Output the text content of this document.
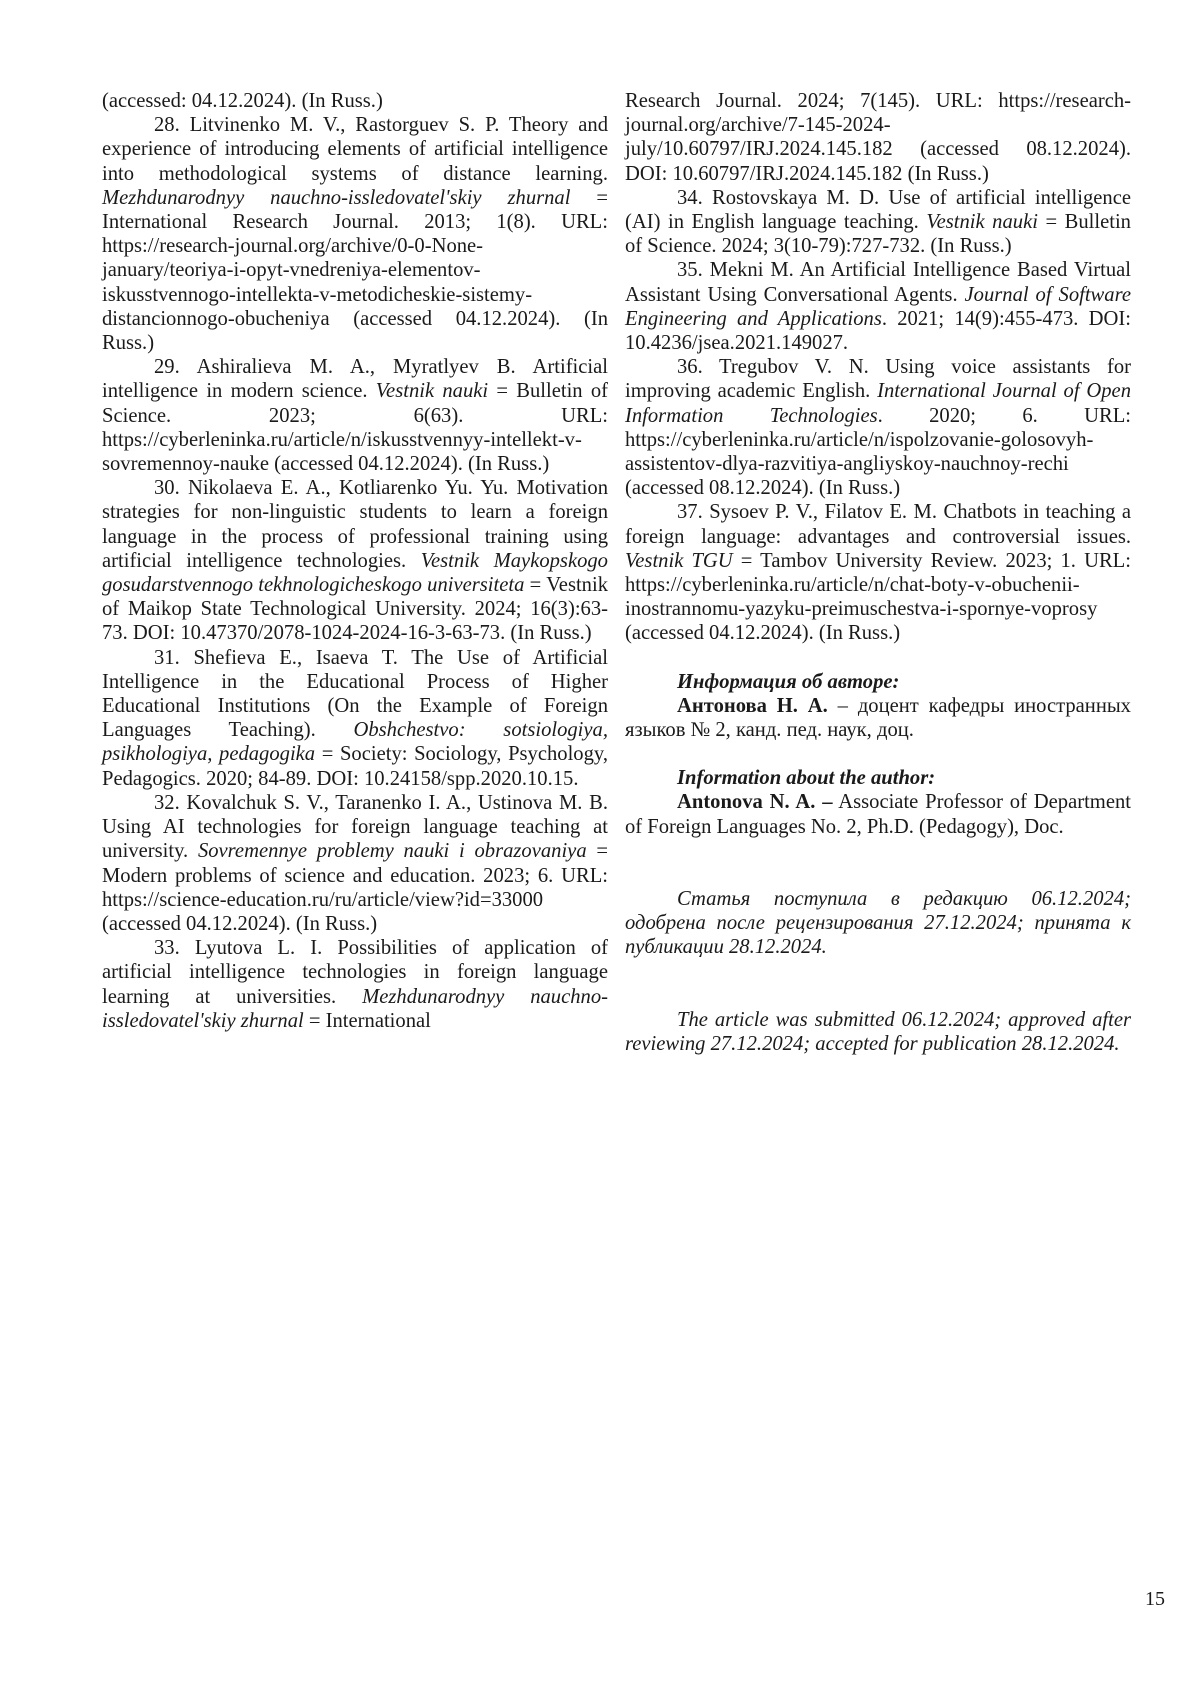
(accessed: 04.12.2024). (In Russ.)

28. Litvinenko M. V., Rastorguev S. P. Theory and experience of introducing elements of artificial intelligence into methodological systems of distance learning. Mezhdunarodnyy nauchno-issledovatel'skiy zhurnal = International Research Journal. 2013; 1(8). URL: https://research-journal.org/archive/0-0-None-january/teoriya-i-opyt-vnedreniya-elementov-iskusstvennogo-intellekta-v-metodicheskie-sistemy-distancionnogo-obucheniya (accessed 04.12.2024). (In Russ.)

29. Ashiralieva M. A., Myratlyev B. Artificial intelligence in modern science. Vestnik nauki = Bulletin of Science. 2023; 6(63). URL: https://cyberleninka.ru/article/n/iskusstvennyy-intellekt-v-sovremennoy-nauke (accessed 04.12.2024). (In Russ.)

30. Nikolaeva E. A., Kotliarenko Yu. Yu. Motivation strategies for non-linguistic students to learn a foreign language in the process of professional training using artificial intelligence technologies. Vestnik Maykopskogo gosudarstvennogo tekhnologicheskogo universiteta = Vestnik of Maikop State Technological University. 2024; 16(3):63-73. DOI: 10.47370/2078-1024-2024-16-3-63-73. (In Russ.)

31. Shefieva E., Isaeva T. The Use of Artificial Intelligence in the Educational Process of Higher Educational Institutions (On the Example of Foreign Languages Teaching). Obshchestvo: sotsiologiya, psikhologiya, pedagogika = Society: Sociology, Psychology, Pedagogics. 2020; 84-89. DOI: 10.24158/spp.2020.10.15.

32. Kovalchuk S. V., Taranenko I. A., Ustinova M. B. Using AI technologies for foreign language teaching at university. Sovremennye problemy nauki i obrazovaniya = Modern problems of science and education. 2023; 6. URL: https://science-education.ru/ru/article/view?id=33000 (accessed 04.12.2024). (In Russ.)

33. Lyutova L. I. Possibilities of application of artificial intelligence technologies in foreign language learning at universities. Mezhdunarodnyy nauchno-issledovatel'skiy zhurnal = International

Research Journal. 2024; 7(145). URL: https://research-journal.org/archive/7-145-2024-july/10.60797/IRJ.2024.145.182 (accessed 08.12.2024). DOI: 10.60797/IRJ.2024.145.182 (In Russ.)

34. Rostovskaya M. D. Use of artificial intelligence (AI) in English language teaching. Vestnik nauki = Bulletin of Science. 2024; 3(10-79):727-732. (In Russ.)

35. Mekni M. An Artificial Intelligence Based Virtual Assistant Using Conversational Agents. Journal of Software Engineering and Applications. 2021; 14(9):455-473. DOI: 10.4236/jsea.2021.149027.

36. Tregubov V. N. Using voice assistants for improving academic English. International Journal of Open Information Technologies. 2020; 6. URL: https://cyberleninka.ru/article/n/ispolzovanie-golosovyh-assistentov-dlya-razvitiya-angliyskoy-nauchnoy-rechi (accessed 08.12.2024). (In Russ.)

37. Sysoev P. V., Filatov E. M. Chatbots in teaching a foreign language: advantages and controversial issues. Vestnik TGU = Tambov University Review. 2023; 1. URL: https://cyberleninka.ru/article/n/chat-boty-v-obuchenii-inostrannomu-yazyku-preimuschestva-i-spornye-voprosy (accessed 04.12.2024). (In Russ.)

Информация об авторе:

Антонова Н. А. – доцент кафедры иностранных языков № 2, канд. пед. наук, доц.

Information about the author:

Antonova N. A. – Associate Professor of Department of Foreign Languages No. 2, Ph.D. (Pedagogy), Doc.

Статья поступила в редакцию 06.12.2024; одобрена после рецензирования 27.12.2024; принята к публикации 28.12.2024.

The article was submitted 06.12.2024; approved after reviewing 27.12.2024; accepted for publication 28.12.2024.

15
